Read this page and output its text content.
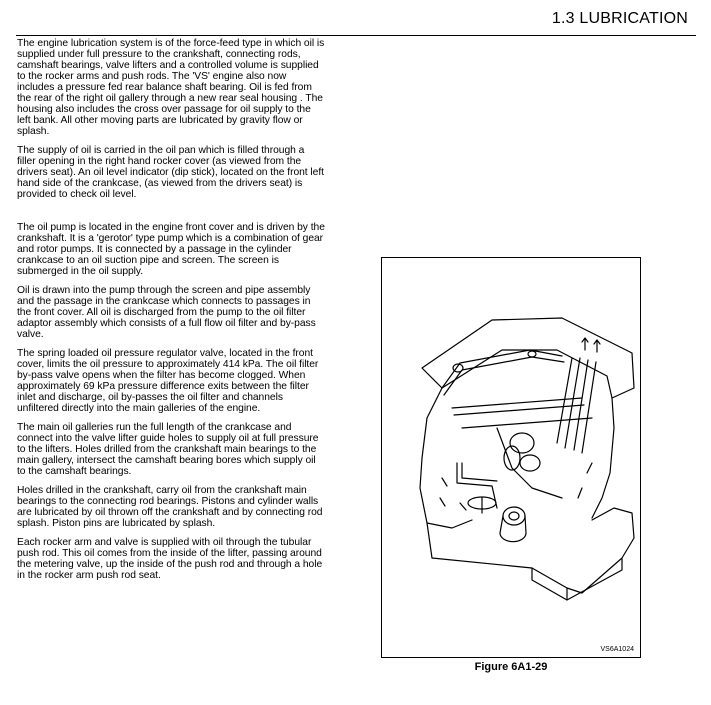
1.3 LUBRICATION

The engine lubrication system is of the force-feed type in which oil is supplied under full pressure to the crankshaft, connecting rods, camshaft bearings, valve lifters and a controlled volume is supplied to the rocker arms and push rods. The 'VS' engine also now includes a pressure fed rear balance shaft bearing. Oil is fed from the rear of the right oil gallery through a new rear seal housing . The housing also includes the cross over passage for oil supply to the left bank. All other moving parts are lubricated by gravity flow or splash.

The supply of oil is carried in the oil pan which is filled through a filler opening in the right hand rocker cover (as viewed from the drivers seat). An oil level indicator (dip stick), located on the front left hand side of the crankcase, (as viewed from the drivers seat) is provided to check oil level.

The oil pump is located in the engine front cover and is driven by the crankshaft. It is a 'gerotor' type pump which is a combination of gear and rotor pumps. It is connected by a passage in the cylinder crankcase to an oil suction pipe and screen. The screen is submerged in the oil supply.

Oil is drawn into the pump through the screen and pipe assembly and the passage in the crankcase which connects to passages in the front cover. All oil is discharged from the pump to the oil filter adaptor assembly which consists of a full flow oil filter and by-pass valve.

The spring loaded oil pressure regulator valve, located in the front cover, limits the oil pressure to approximately 414 kPa. The oil filter by-pass valve opens when the filter has become clogged. When approximately 69 kPa pressure difference exits between the filter inlet and discharge, oil by-passes the oil filter and channels unfiltered directly into the main galleries of the engine.

The main oil galleries run the full length of the crankcase and connect into the valve lifter guide holes to supply oil at full pressure to the lifters. Holes drilled from the crankshaft main bearings to the main gallery, intersect the camshaft bearing bores which supply oil to the camshaft bearings.

Holes drilled in the crankshaft, carry oil from the crankshaft main bearings to the connecting rod bearings. Pistons and cylinder walls are lubricated by oil thrown off the crankshaft and by connecting rod splash. Piston pins are lubricated by splash.

Each rocker arm and valve is supplied with oil through the tubular push rod. This oil comes from the inside of the lifter, passing around the metering valve, up the inside of the push rod and through a hole in the rocker arm push rod seat.

VS6A1024
Figure 6A1-29
